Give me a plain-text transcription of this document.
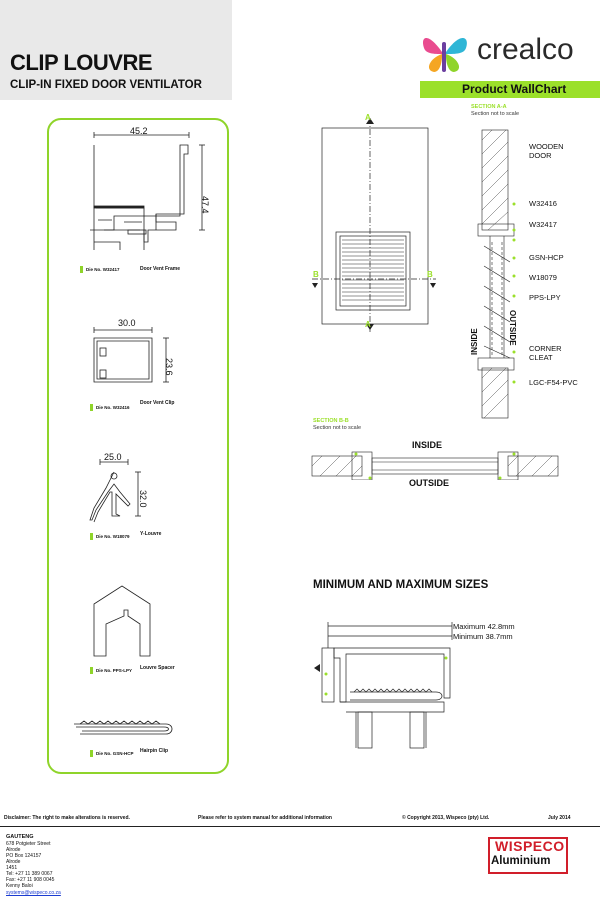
CLIP LOUVRE
CLIP-IN FIXED DOOR VENTILATOR
crealco
Product WallChart
45.2
47.4
Die No. W32417	Door Vent Frame
30.0
23.6
Die No. W32416
Door Vent Clip
25.0
32.0
Die No. W18079 Y-Louvre
Die No. PPS-LPY Louvre Spacer
Die No. GSN-HCP Hairpin Clip
A
A
B	B
SECTION A-A
Section not to scale
WOODEN DOOR
W32416
W32417
GSN-HCP
W18079
PPS-LPY
CORNER CLEAT
LGC-F54-PVC
INSIDE	OUTSIDE
SECTION B-B
Section not to scale
INSIDE
OUTSIDE
MINIMUM AND MAXIMUM SIZES
Maximum 42.8mm
Minimum 38.7mm
Disclaimer: The right to make alterations is reserved.	Please refer to system manual for additional information	© Copyright 2013, Wispeco (pty) Ltd.	July 2014
GAUTENG
678 Potgieter Street
Alrode
PO Box 124157
Alrode
1451
Tel: +27 11 389 0067
Fax: +27 11 908 0045
Kenny Baloi
systems@wispeco.co.za
WISPECO
Aluminium
